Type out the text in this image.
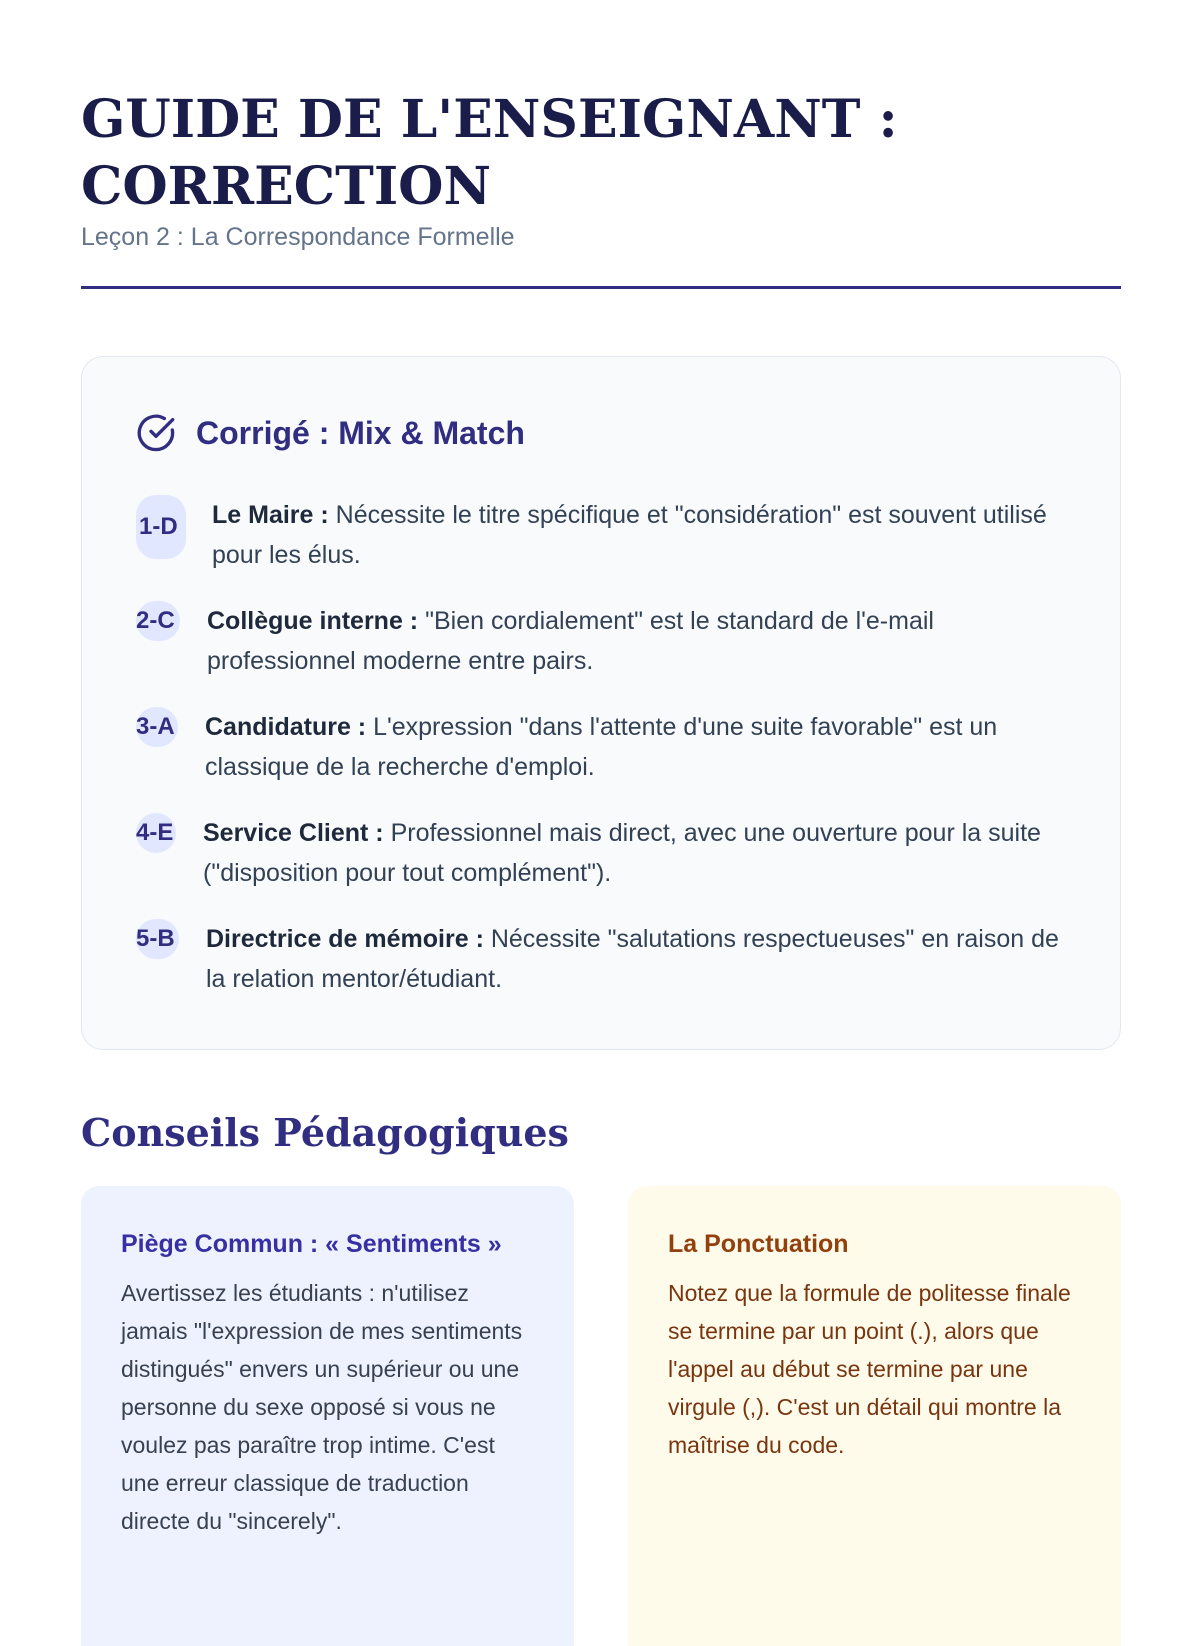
GUIDE DE L'ENSEIGNANT : CORRECTION
Leçon 2 : La Correspondance Formelle
Corrigé : Mix & Match
1-D	Le Maire : Nécessite le titre spécifique et "considération" est souvent utilisé pour les élus.
2-C Collègue interne : "Bien cordialement" est le standard de l'e-mail professionnel moderne entre pairs.
3-A Candidature : L'expression "dans l'attente d'une suite favorable" est un classique de la recherche d'emploi.
4-E Service Client : Professionnel mais direct, avec une ouverture pour la suite ("disposition pour tout complément").
5-B Directrice de mémoire : Nécessite "salutations respectueuses" en raison de la relation mentor/étudiant.
Conseils Pédagogiques
Piège Commun : « Sentiments »
Avertissez les étudiants : n'utilisez jamais "l'expression de mes sentiments distingués" envers un supérieur ou une personne du sexe opposé si vous ne voulez pas paraître trop intime. C'est une erreur classique de traduction directe du "sincerely".
La Ponctuation
Notez que la formule de politesse finale se termine par un point (.), alors que l'appel au début se termine par une virgule (,). C'est un détail qui montre la maîtrise du code.
